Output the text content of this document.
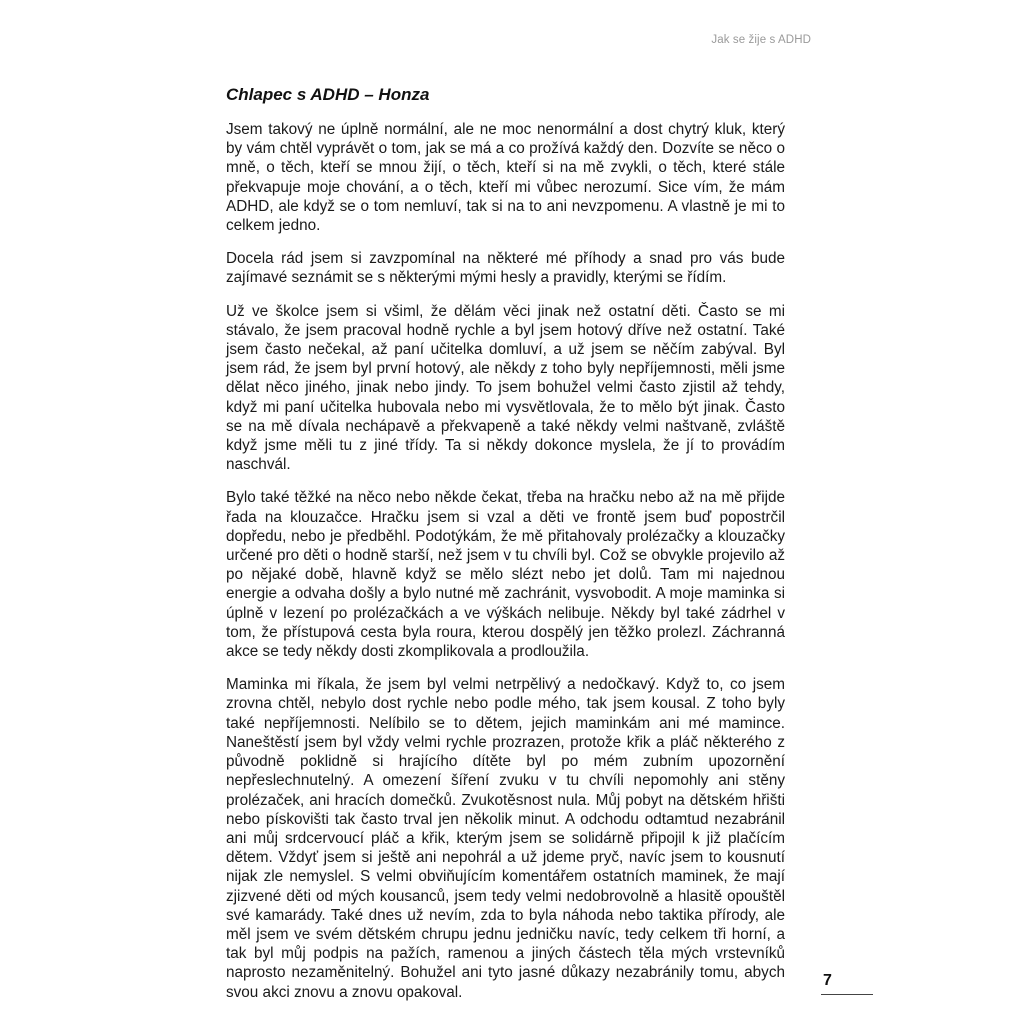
Jak se žije s ADHD
Chlapec s ADHD – Honza

Jsem takový ne úplně normální, ale ne moc nenormální a dost chytrý kluk, který by vám chtěl vyprávět o tom, jak se má a co prožívá každý den. Dozvíte se něco o mně, o těch, kteří se mnou žijí, o těch, kteří si na mě zvykli, o těch, které stále překvapuje moje chování, a o těch, kteří mi vůbec nerozumí. Sice vím, že mám ADHD, ale když se o tom nemluví, tak si na to ani nevzpomenu. A vlastně je mi to celkem jedno.

Docela rád jsem si zavzpomínal na některé mé příhody a snad pro vás bude zajímavé seznámit se s některými mými hesly a pravidly, kterými se řídím.

Už ve školce jsem si všiml, že dělám věci jinak než ostatní děti. Často se mi stávalo, že jsem pracoval hodně rychle a byl jsem hotový dříve než ostatní. Také jsem často nečekal, až paní učitelka domluví, a už jsem se něčím zabýval. Byl jsem rád, že jsem byl první hotový, ale někdy z toho byly nepříjemnosti, měli jsme dělat něco jiného, jinak nebo jindy. To jsem bohužel velmi často zjistil až tehdy, když mi paní učitelka hubovala nebo mi vysvětlovala, že to mělo být jinak. Často se na mě dívala nechápavě a překvapeně a také někdy velmi naštvaně, zvláště když jsme měli tu z jiné třídy. Ta si někdy dokonce myslela, že jí to provádím naschvál.

Bylo také těžké na něco nebo někde čekat, třeba na hračku nebo až na mě přijde řada na klouzačce. Hračku jsem si vzal a děti ve frontě jsem buď popostrčil dopředu, nebo je předběhl. Podotýkám, že mě přitahovaly prolézačky a klouzačky určené pro děti o hodně starší, než jsem v tu chvíli byl. Což se obvykle projevilo až po nějaké době, hlavně když se mělo slézt nebo jet dolů. Tam mi najednou energie a odvaha došly a bylo nutné mě zachránit, vysvobodit. A moje maminka si úplně v lezení po prolézačkách a ve výškách nelibuje. Někdy byl také zádrhel v tom, že přístupová cesta byla roura, kterou dospělý jen těžko prolezl. Záchranná akce se tedy někdy dosti zkomplikovala a prodloužila.

Maminka mi říkala, že jsem byl velmi netrpělivý a nedočkavý. Když to, co jsem zrovna chtěl, nebylo dost rychle nebo podle mého, tak jsem kousal. Z toho byly také nepříjemnosti. Nelíbilo se to dětem, jejich maminkám ani mé mamince. Naneštěstí jsem byl vždy velmi rychle prozrazen, protože křik a pláč některého z původně poklidně si hrajícího dítěte byl po mém zubním upozornění nepřeslechnutelný. A omezení šíření zvuku v tu chvíli nepomohly ani stěny prolézaček, ani hracích domečků. Zvukotěsnost nula. Můj pobyt na dětském hřišti nebo pískovišti tak často trval jen několik minut. A odchodu odtamtud nezabránil ani můj srdcervoucí pláč a křik, kterým jsem se solidárně připojil k již plačícím dětem. Vždyť jsem si ještě ani nepohrál a už jdeme pryč, navíc jsem to kousnutí nijak zle nemyslel. S velmi obviňujícím komentářem ostatních maminek, že mají zjizvené děti od mých kousanců, jsem tedy velmi nedobrovolně a hlasitě opouštěl své kamarády. Také dnes už nevím, zda to byla náhoda nebo taktika přírody, ale měl jsem ve svém dětském chrupu jednu jedničku navíc, tedy celkem tři horní, a tak byl můj podpis na pažích, ramenou a jiných částech těla mých vrstevníků naprosto nezaměnitelný. Bohužel ani tyto jasné důkazy nezabránily tomu, abych svou akci znovu a znovu opakoval.

7
